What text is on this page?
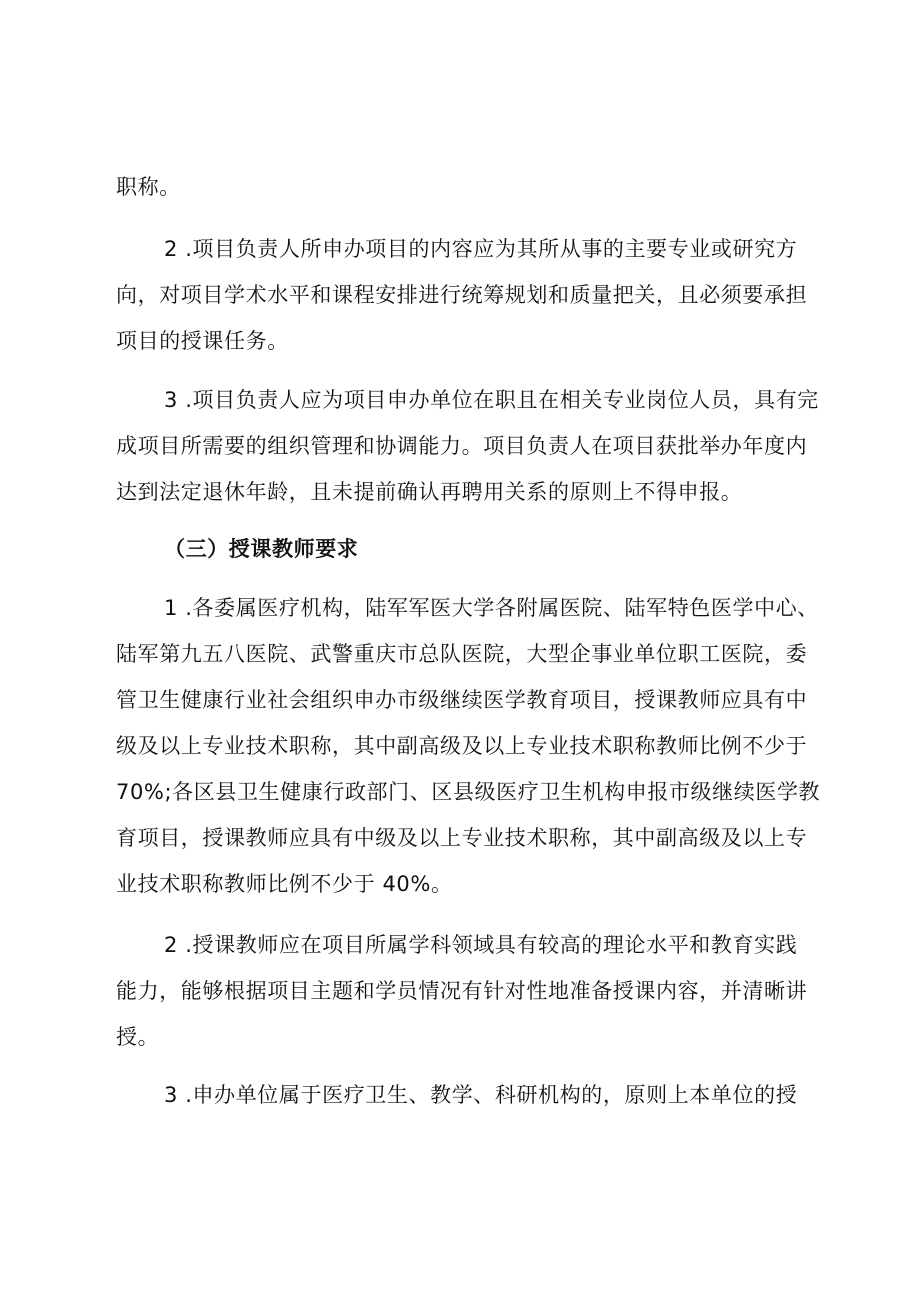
职称。
2 .项目负责人所申办项目的内容应为其所从事的主要专业或研究方
向，对项目学术水平和课程安排进行统筹规划和质量把关，且必须要承担
项目的授课任务。
3 .项目负责人应为项目申办单位在职且在相关专业岗位人员，具有完
成项目所需要的组织管理和协调能力。项目负责人在项目获批举办年度内
达到法定退休年龄，且未提前确认再聘用关系的原则上不得申报。
（三）授课教师要求
1 .各委属医疗机构，陆军军医大学各附属医院、陆军特色医学中心、
陆军第九五八医院、武警重庆市总队医院，大型企事业单位职工医院，委
管卫生健康行业社会组织申办市级继续医学教育项目，授课教师应具有中
级及以上专业技术职称，其中副高级及以上专业技术职称教师比例不少于
70%;各区县卫生健康行政部门、区县级医疗卫生机构申报市级继续医学教
育项目，授课教师应具有中级及以上专业技术职称，其中副高级及以上专
业技术职称教师比例不少于 40%。
2 .授课教师应在项目所属学科领域具有较高的理论水平和教育实践
能力，能够根据项目主题和学员情况有针对性地准备授课内容，并清晰讲
授。
3 .申办单位属于医疗卫生、教学、科研机构的，原则上本单位的授
